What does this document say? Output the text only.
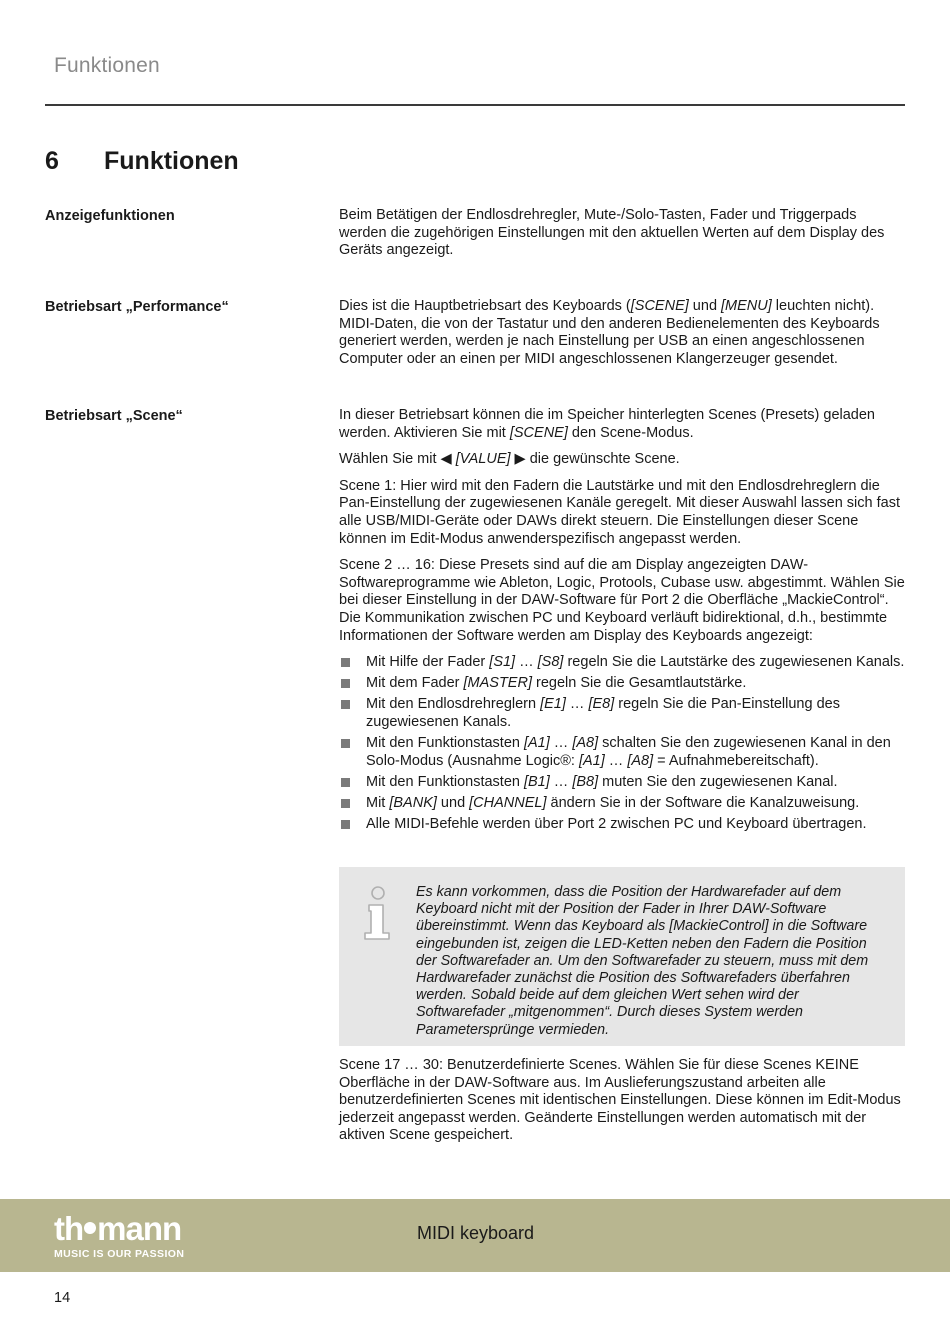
Funktionen
6 Funktionen
Anzeigefunktionen	Beim Betätigen der Endlosdrehregler, Mute-/Solo-Tasten, Fader und Triggerpads werden die zugehörigen Einstellungen mit den aktuellen Werten auf dem Display des Geräts angezeigt.

Betriebsart „Performance“	Dies ist die Hauptbetriebsart des Keyboards ([SCENE] und [MENU] leuchten nicht). MIDI-Daten, die von der Tastatur und den anderen Bedienelementen des Keyboards generiert werden, werden je nach Einstellung per USB an einen angeschlossenen Computer oder an einen per MIDI angeschlossenen Klangerzeuger gesendet.

Betriebsart „Scene“	In dieser Betriebsart können die im Speicher hinterlegten Scenes (Presets) geladen werden. Aktivieren Sie mit [SCENE] den Scene-Modus.

Wählen Sie mit ◀ [VALUE] ▶ die gewünschte Scene.

Scene 1: Hier wird mit den Fadern die Lautstärke und mit den Endlosdrehreglern die Pan-Einstellung der zugewiesenen Kanäle geregelt. Mit dieser Auswahl lassen sich fast alle USB/MIDI-Geräte oder DAWs direkt steuern. Die Einstellungen dieser Scene können im Edit-Modus anwenderspezifisch angepasst werden.

Scene 2 … 16: Diese Presets sind auf die am Display angezeigten DAW-Softwareprogramme wie Ableton, Logic, Protools, Cubase usw. abgestimmt. Wählen Sie bei dieser Einstellung in der DAW-Software für Port 2 die Oberfläche „MackieControl“. Die Kommunikation zwischen PC und Keyboard verläuft bidirektional, d.h., bestimmte Informationen der Software werden am Display des Keyboards angezeigt:

Mit Hilfe der Fader [S1] … [S8] regeln Sie die Lautstärke des zugewiesenen Kanals.
Mit dem Fader [MASTER] regeln Sie die Gesamtlautstärke.
Mit den Endlosdrehreglern [E1] … [E8] regeln Sie die Pan-Einstellung des zugewiesenen Kanals.
Mit den Funktionstasten [A1] … [A8] schalten Sie den zugewiesenen Kanal in den Solo-Modus (Ausnahme Logic®: [A1] … [A8] = Aufnahmebereitschaft).
Mit den Funktionstasten [B1] … [B8] muten Sie den zugewiesenen Kanal.
Mit [BANK] und [CHANNEL] ändern Sie in der Software die Kanalzuweisung.
Alle MIDI-Befehle werden über Port 2 zwischen PC und Keyboard übertragen.
Es kann vorkommen, dass die Position der Hardwarefader auf dem Keyboard nicht mit der Position der Fader in Ihrer DAW-Software übereinstimmt. Wenn das Keyboard als [MackieControl] in die Software eingebunden ist, zeigen die LED-Ketten neben den Fadern die Position der Softwarefader an. Um den Softwarefader zu steuern, muss mit dem Hardwarefader zunächst die Position des Softwarefaders überfahren werden. Sobald beide auf dem gleichen Wert sehen wird der Softwarefader „mitgenommen“. Durch dieses System werden Parametersprünge vermieden.

Scene 17 … 30: Benutzerdefinierte Scenes. Wählen Sie für diese Scenes KEINE Oberfläche in der DAW-Software aus. Im Auslieferungszustand arbeiten alle benutzerdefinierten Scenes mit identischen Einstellungen. Diese können im Edit-Modus jederzeit angepasst werden. Geänderte Einstellungen werden automatisch mit der aktiven Scene gespeichert.

th mann
MUSIC IS OUR PASSION
MIDI keyboard
14
